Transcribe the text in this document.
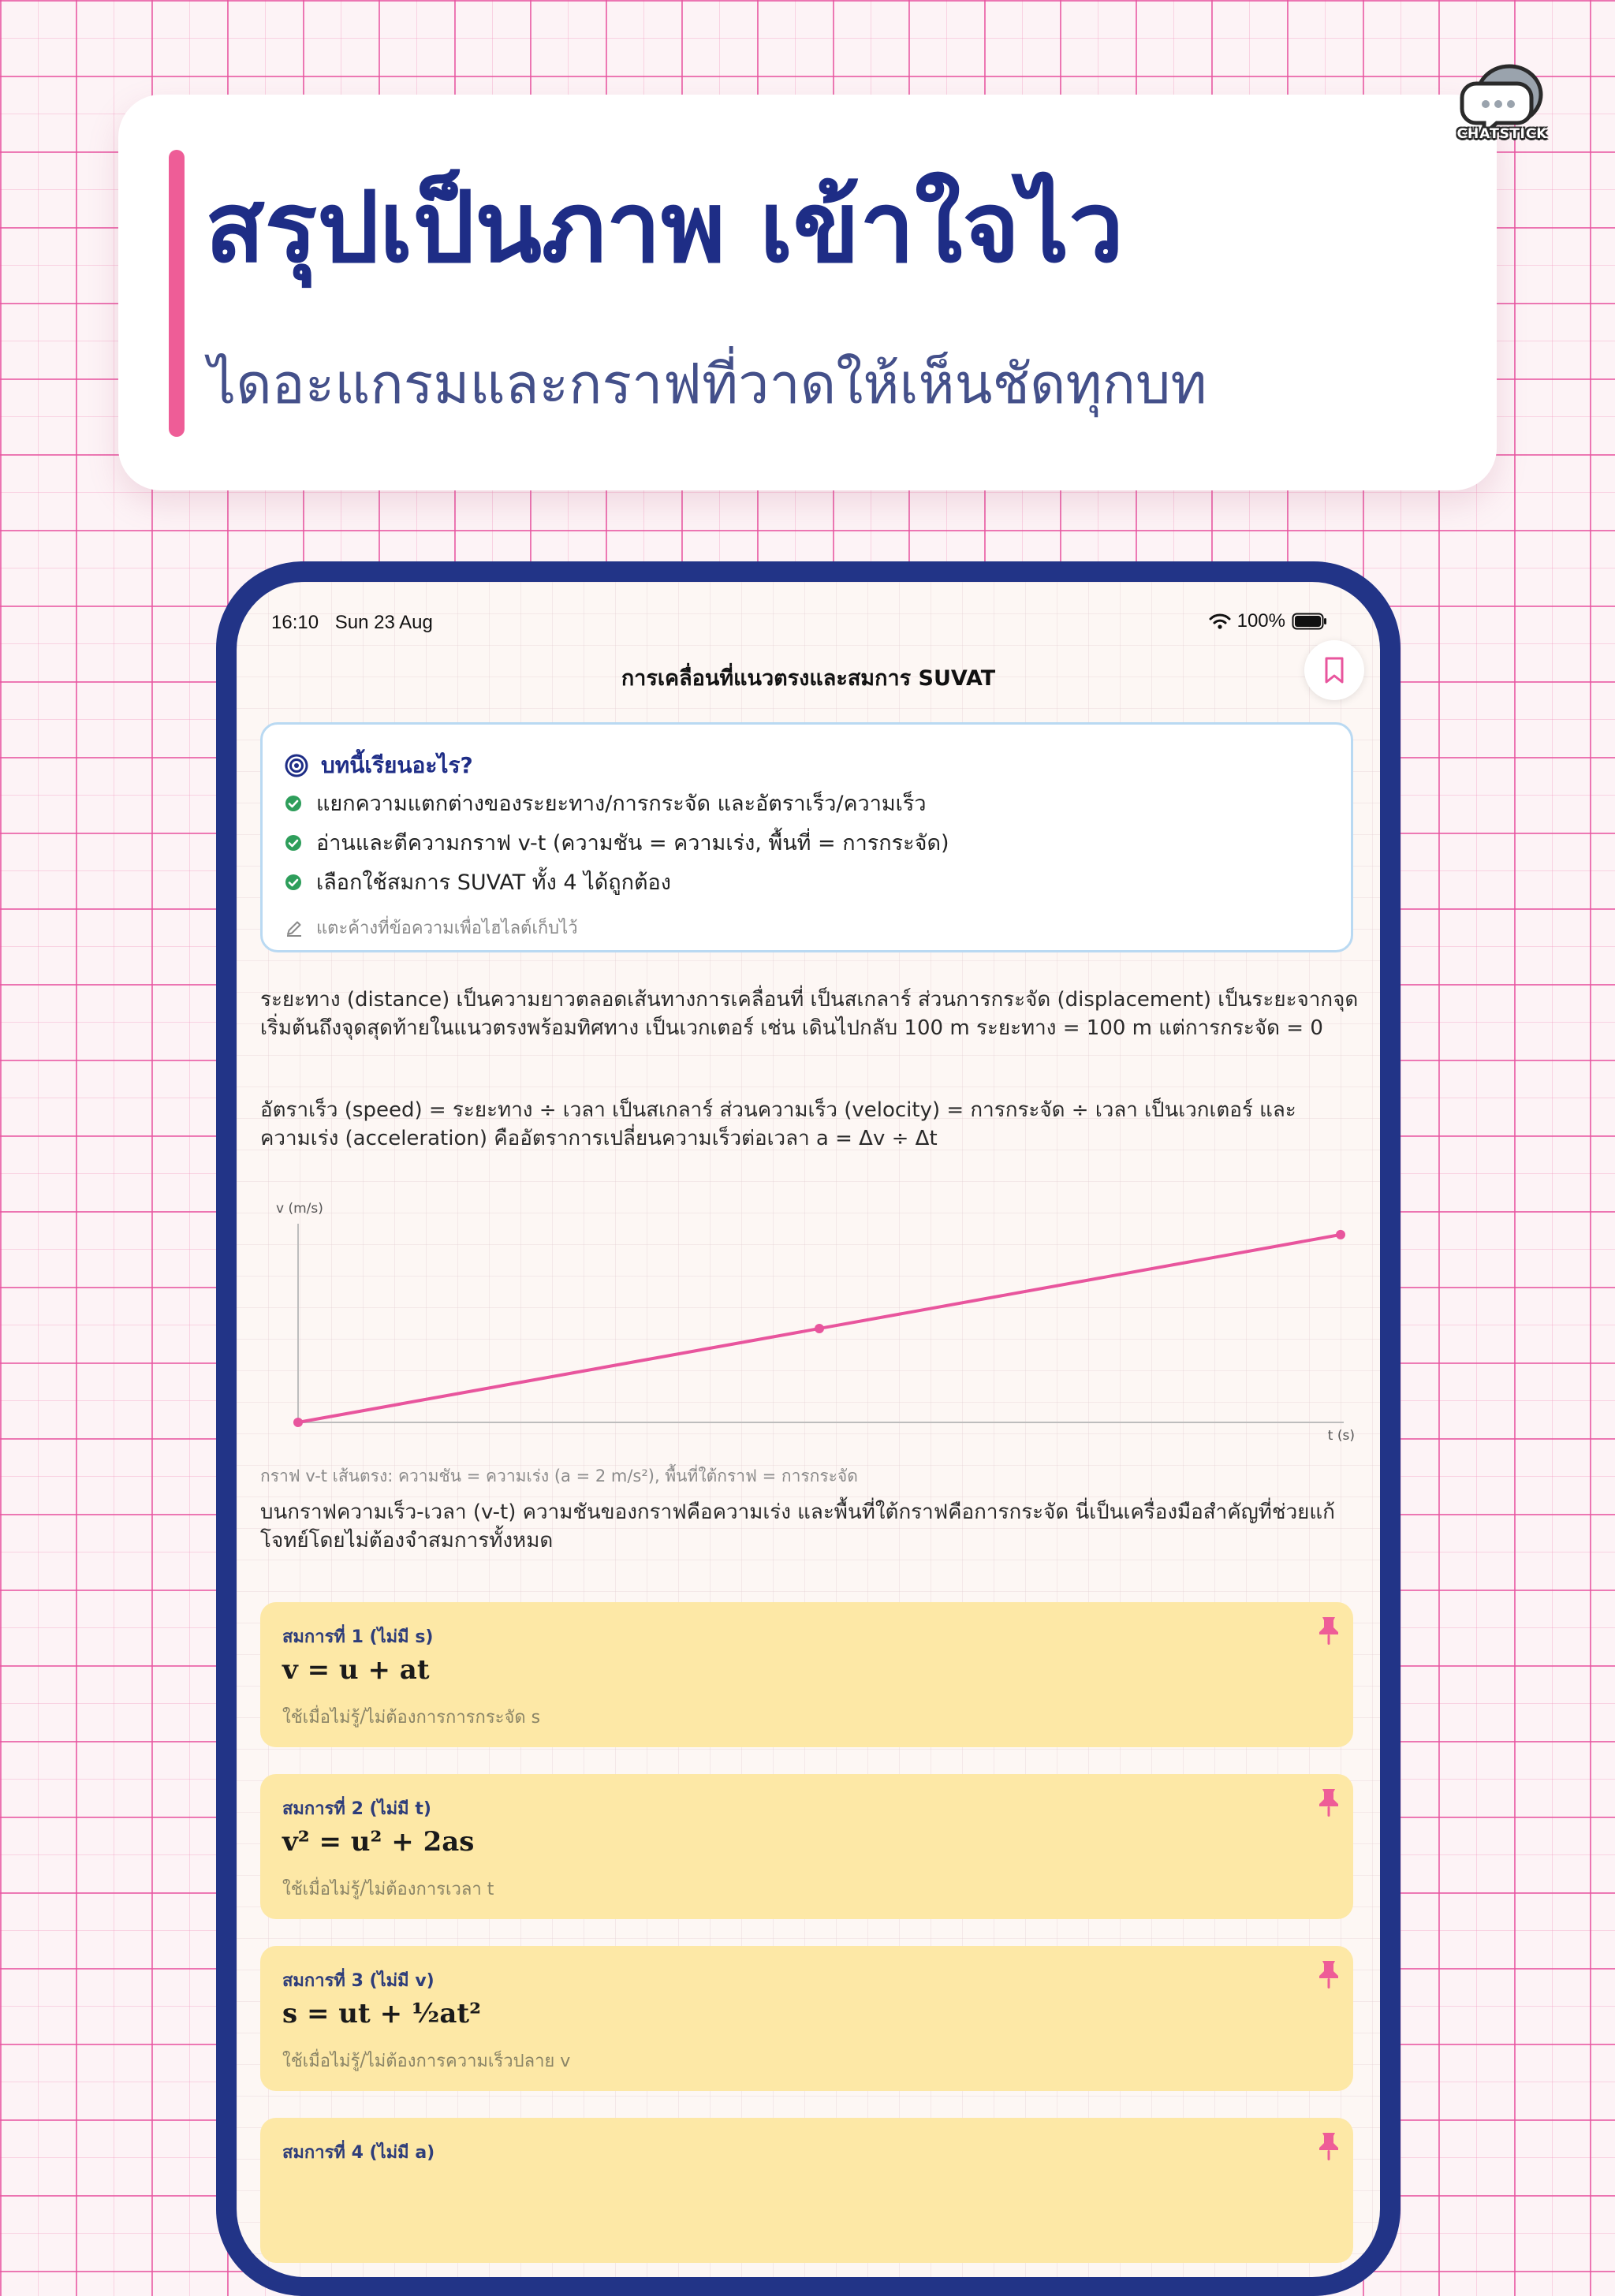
สรุปเป็นภาพ เข้าใจไว
ไดอะแกรมและกราฟที่วาดให้เห็นชัดทุกบท
CHATSTICK
16:10 Sun 23 Aug	100%
การเคลื่อนที่แนวตรงและสมการ SUVAT
บทนี้เรียนอะไร?
แยกความแตกต่างของระยะทาง/การกระจัด และอัตราเร็ว/ความเร็ว
อ่านและตีความกราฟ v-t (ความชัน = ความเร่ง, พื้นที่ = การกระจัด)
เลือกใช้สมการ SUVAT ทั้ง 4 ได้ถูกต้อง
แตะค้างที่ข้อความเพื่อไฮไลต์เก็บไว้
ระยะทาง (distance) เป็นความยาวตลอดเส้นทางการเคลื่อนที่ เป็นสเกลาร์ ส่วนการกระจัด (displacement) เป็นระยะจากจุดเริ่มต้นถึงจุดสุดท้ายในแนวตรงพร้อมทิศทาง เป็นเวกเตอร์ เช่น เดินไปกลับ 100 m ระยะทาง = 100 m แต่การกระจัด = 0
อัตราเร็ว (speed) = ระยะทาง ÷ เวลา เป็นสเกลาร์ ส่วนความเร็ว (velocity) = การกระจัด ÷ เวลา เป็นเวกเตอร์ และความเร่ง (acceleration) คืออัตราการเปลี่ยนความเร็วต่อเวลา a = Δv ÷ Δt
v (m/s)
t (s)
กราฟ v-t เส้นตรง: ความชัน = ความเร่ง (a = 2 m/s²), พื้นที่ใต้กราฟ = การกระจัด
บนกราฟความเร็ว-เวลา (v-t) ความชันของกราฟคือความเร่ง และพื้นที่ใต้กราฟคือการกระจัด นี่เป็นเครื่องมือสำคัญที่ช่วยแก้โจทย์โดยไม่ต้องจำสมการทั้งหมด
สมการที่ 1 (ไม่มี s)
v = u + at
ใช้เมื่อไม่รู้/ไม่ต้องการการกระจัด s
สมการที่ 2 (ไม่มี t)
v² = u² + 2as
ใช้เมื่อไม่รู้/ไม่ต้องการเวลา t
สมการที่ 3 (ไม่มี v)
s = ut + ½at²
ใช้เมื่อไม่รู้/ไม่ต้องการความเร็วปลาย v
สมการที่ 4 (ไม่มี a)
